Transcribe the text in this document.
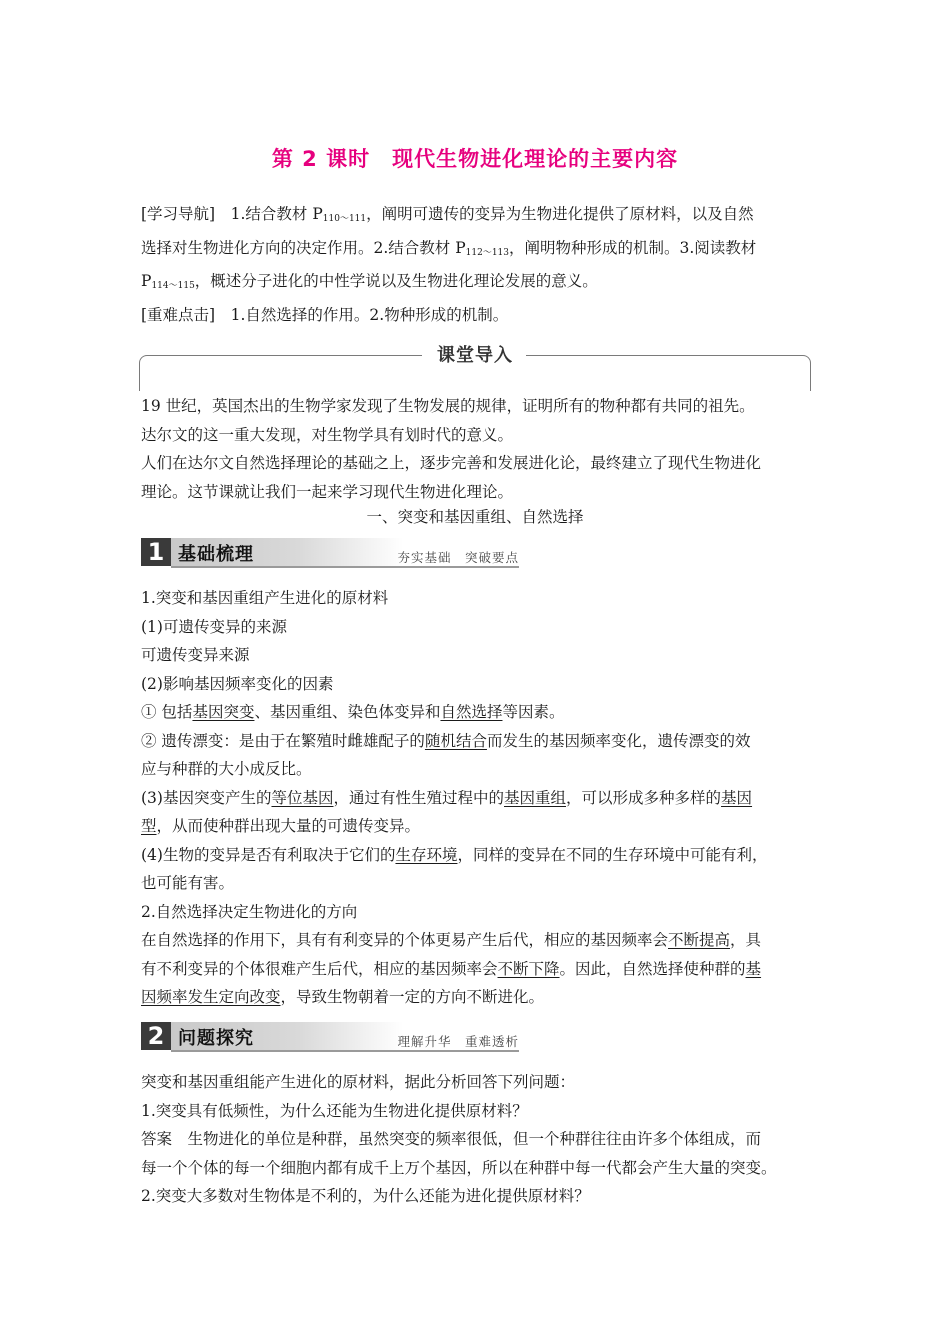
第 2 课时　现代生物进化理论的主要内容

[学习导航]　 1.结合教材 $P_{110\sim 111}$，阐明可遗传的变异为生物进化提供了原材料，以及自然

选择对生物进化方向的决定作用。2.结合教材 $P_{112\sim 113}$，阐明物种形成的机制。3.阅读教材

$P_{114\sim 115}$，概述分子进化的中性学说以及生物进化理论发展的意义。

[重难点击]　 1.自然选择的作用。2.物种形成的机制。

课堂导入

19 世纪，英国杰出的生物学家发现了生物发展的规律，证明所有的物种都有共同的祖先。

达尔文的这一重大发现，对生物学具有划时代的意义。

人们在达尔文自然选择理论的基础之上，逐步完善和发展进化论，最终建立了现代生物进化

理论。这节课就让我们一起来学习现代生物进化理论。

一、突变和基因重组、自然选择
1 基础梳理	夯实基础　突破要点

1.突变和基因重组产生进化的原材料

(1)可遗传变异的来源

可遗传变异来源

(2)影响基因频率变化的因素

① 包括基因突变、基因重组、染色体变异和自然选择等因素。

② 遗传漂变：是由于在繁殖时雌雄配子的随机结合而发生的基因频率变化，遗传漂变的效

应与种群的大小成反比。

(3)基因突变产生的等位基因，通过有性生殖过程中的基因重组，可以形成多种多样的基因

型，从而使种群出现大量的可遗传变异。

(4)生物的变异是否有利取决于它们的生存环境，同样的变异在不同的生存环境中可能有利，

也可能有害。

2.自然选择决定生物进化的方向

在自然选择的作用下，具有有利变异的个体更易产生后代，相应的基因频率会不断提高，具

有不利变异的个体很难产生后代，相应的基因频率会不断下降。因此，自然选择使种群的基

因频率发生定向改变，导致生物朝着一定的方向不断进化。

2 问题探究	理解升华　重难透析

突变和基因重组能产生进化的原材料，据此分析回答下列问题：

1.突变具有低频性，为什么还能为生物进化提供原材料？

答案　生物进化的单位是种群，虽然突变的频率很低，但一个种群往往由许多个体组成，而

每一个个体的每一个细胞内都有成千上万个基因，所以在种群中每一代都会产生大量的突变。

2.突变大多数对生物体是不利的，为什么还能为进化提供原材料？
